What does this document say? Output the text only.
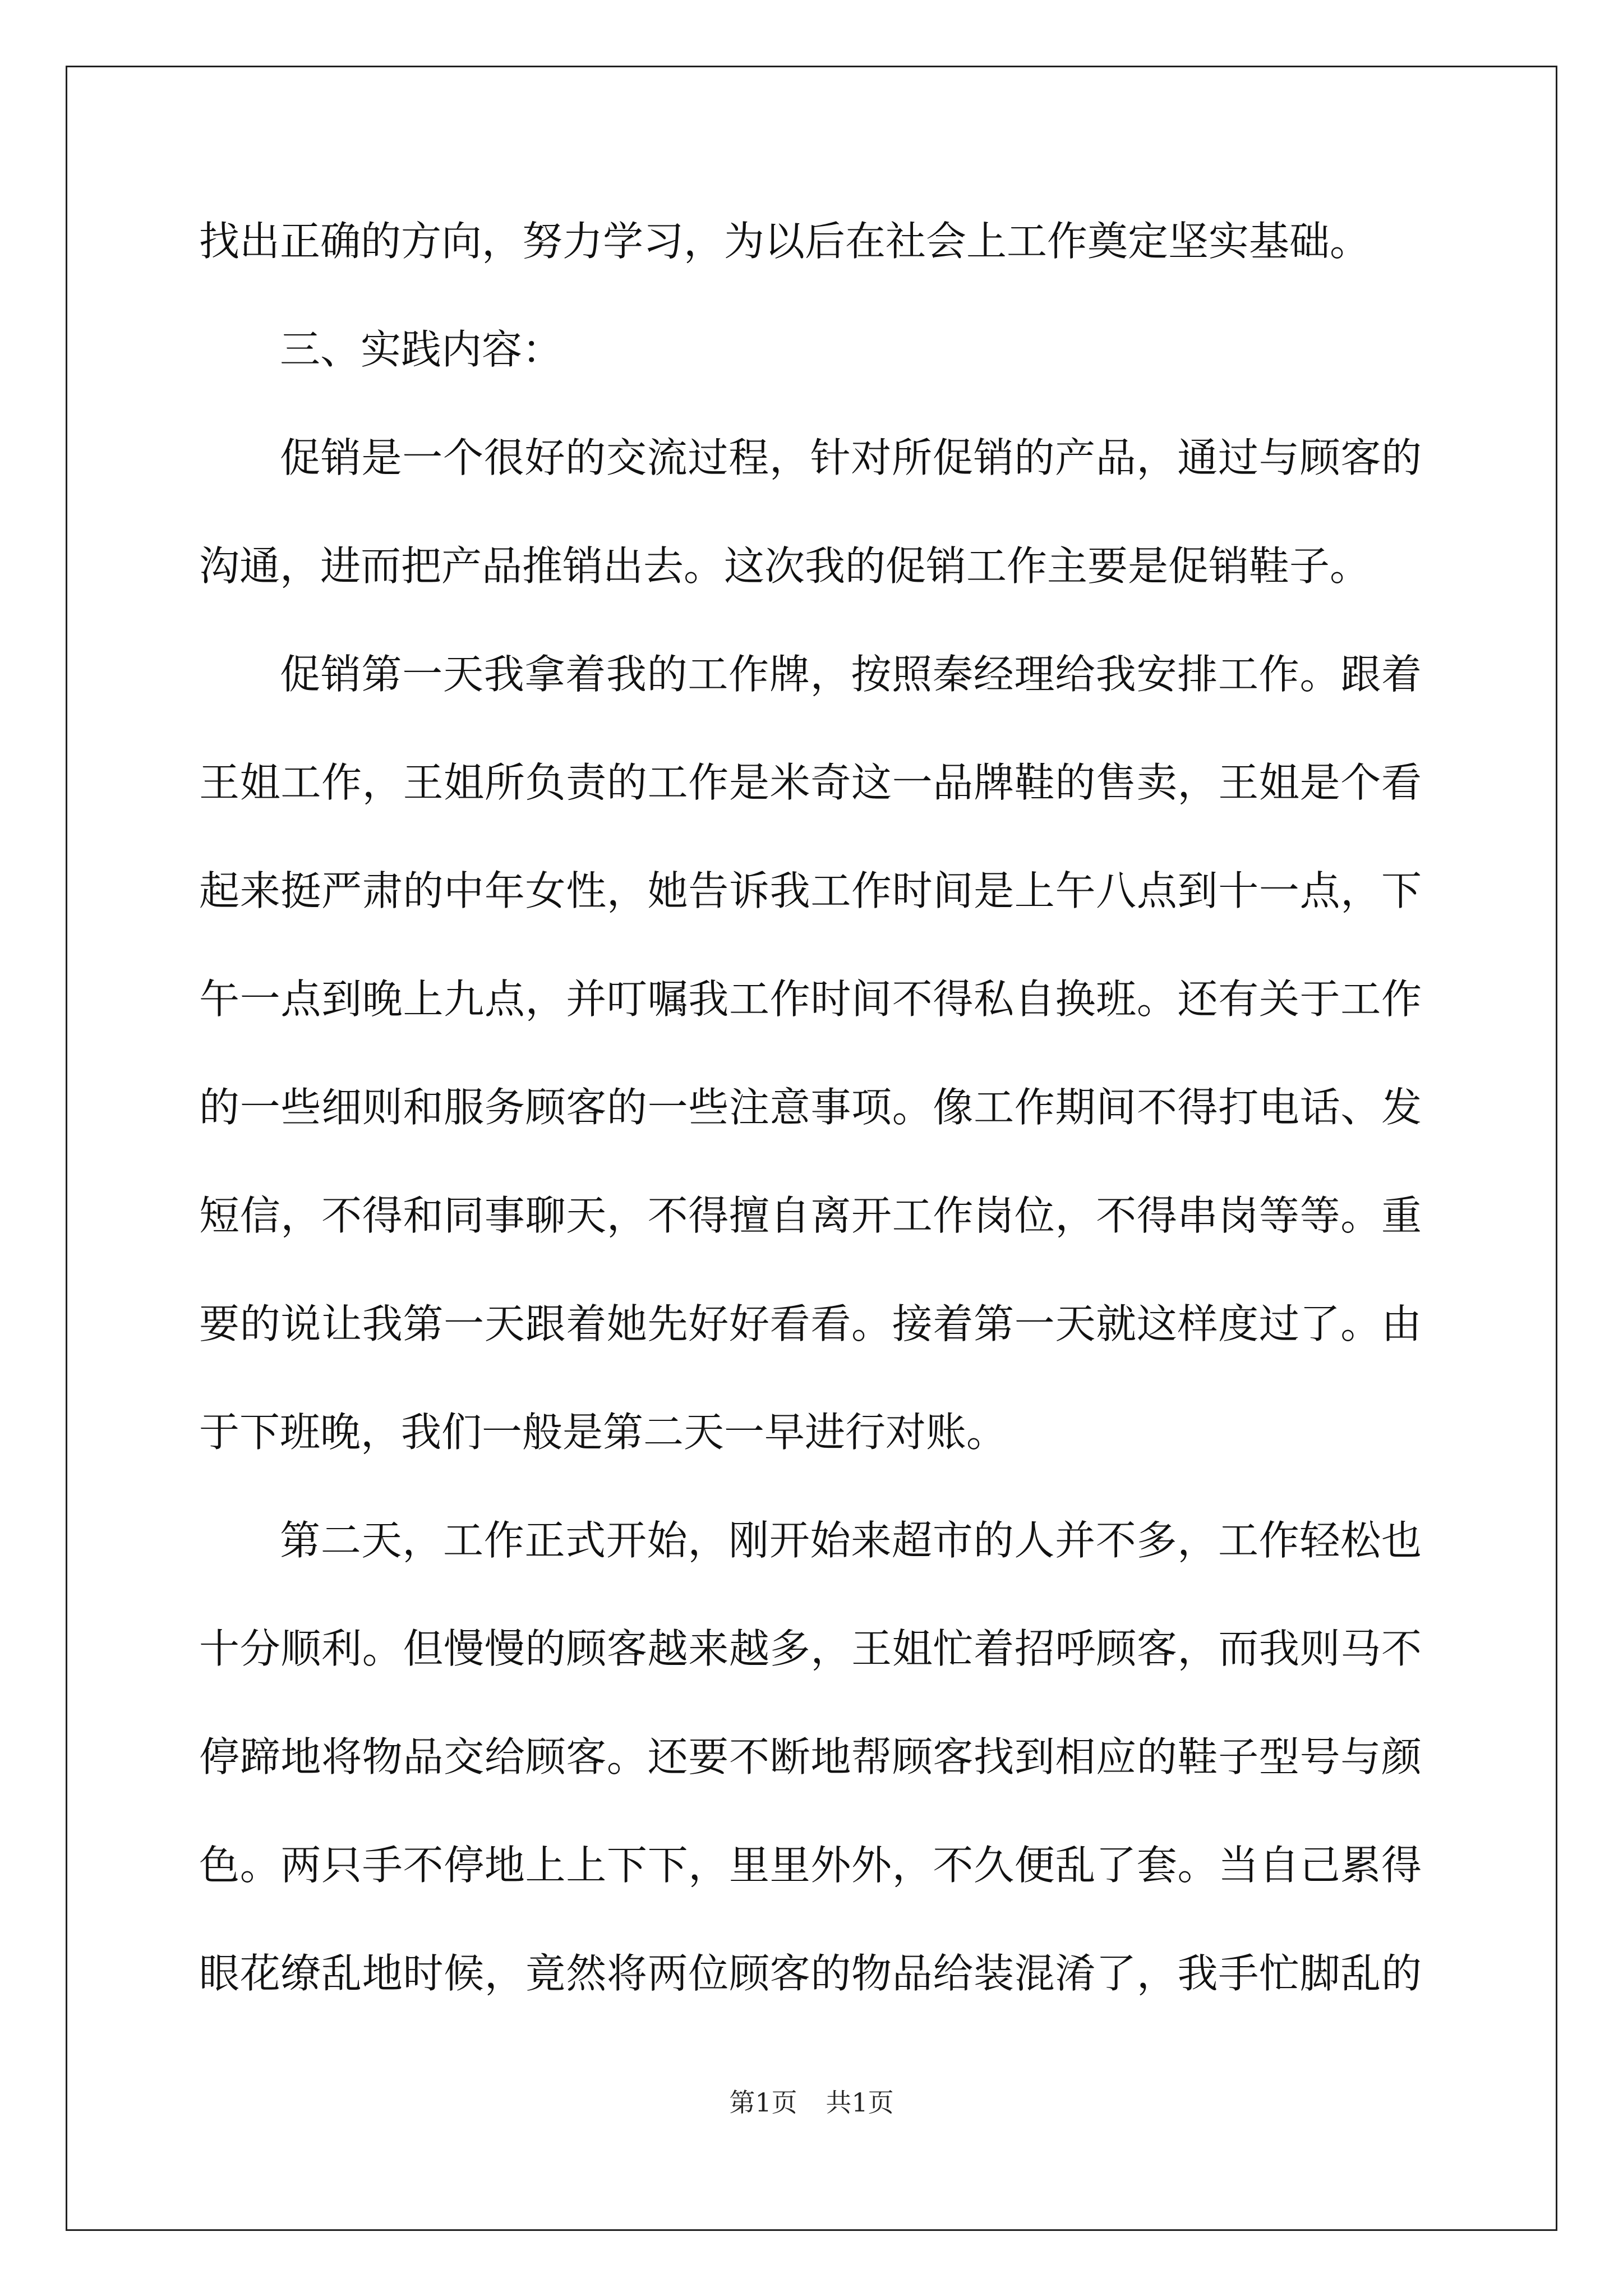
找出正确的方向，努力学习，为以后在社会上工作奠定坚实基础。
三、实践内容：
促销是一个很好的交流过程，针对所促销的产品，通过与顾客的
沟通，进而把产品推销出去。这次我的促销工作主要是促销鞋子。
促销第一天我拿着我的工作牌，按照秦经理给我安排工作。跟着
王姐工作，王姐所负责的工作是米奇这一品牌鞋的售卖，王姐是个看
起来挺严肃的中年女性，她告诉我工作时间是上午八点到十一点，下
午一点到晚上九点，并叮嘱我工作时间不得私自换班。还有关于工作
的一些细则和服务顾客的一些注意事项。像工作期间不得打电话、发
短信，不得和同事聊天，不得擅自离开工作岗位，不得串岗等等。重
要的说让我第一天跟着她先好好看看。接着第一天就这样度过了。由
于下班晚，我们一般是第二天一早进行对账。
第二天，工作正式开始，刚开始来超市的人并不多，工作轻松也
十分顺利。但慢慢的顾客越来越多，王姐忙着招呼顾客，而我则马不
停蹄地将物品交给顾客。还要不断地帮顾客找到相应的鞋子型号与颜
色。两只手不停地上上下下，里里外外，不久便乱了套。当自己累得
眼花缭乱地时候，竟然将两位顾客的物品给装混淆了，我手忙脚乱的
第1页 共1页
